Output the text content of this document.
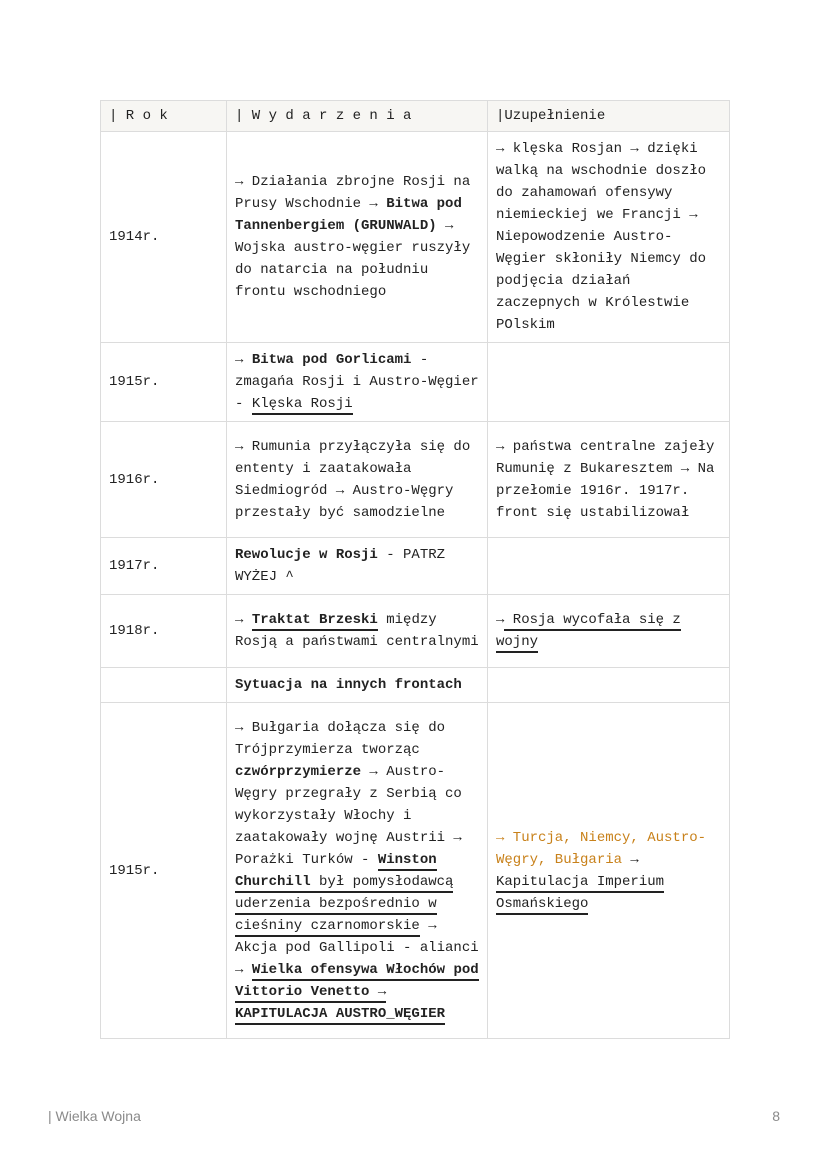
| R o k	| W y d a r z e n i a	|Uzupełnienie
1914r.	→ Działania zbrojne Rosji na Prusy Wschodnie → Bitwa pod Tannenbergiem (GRUNWALD) → Wojska austro-węgier ruszyły do natarcia na południu frontu wschodniego	→ klęska Rosjan → dzięki walką na wschodnie doszło do zahamowań ofensywy niemieckiej we Francji → Niepowodzenie Austro-Węgier skłoniły Niemcy do podjęcia działań zaczepnych w Królestwie POlskim
1915r.	→ Bitwa pod Gorlicami - zmagańa Rosji i Austro-Węgier - Klęska Rosji	
1916r.	→ Rumunia przyłączyła się do ententy i zaatakowała Siedmiogród → Austro-Węgry przestały być samodzielne	→ państwa centralne zajeły Rumunię z Bukaresztem → Na przełomie 1916r. 1917r. front się ustabilizował
1917r.	Rewolucje w Rosji - PATRZ WYŻEJ ^	
1918r.	→ Traktat Brzeski między Rosją a państwami centralnymi	→ Rosja wycofała się z wojny
	Sytuacja na innych frontach	
1915r.	→ Bułgaria dołącza się do Trójprzymierza tworząc czwórprzymierze → Austro-Węgry przegrały z Serbią co wykorzystały Włochy i zaatakowały wojnę Austrii → Porażki Turków - Winston Churchill był pomysłodawcą uderzenia bezpośrednio w cieśniny czarnomorskie → Akcja pod Gallipoli - alianci → Wielka ofensywa Włochów pod Vittorio Venetto → KAPITULACJA AUSTRO_WĘGIER	→ Turcja, Niemcy, Austro-Węgry, Bułgaria → Kapitulacja Imperium Osmańskiego
| Wielka Wojna	8
